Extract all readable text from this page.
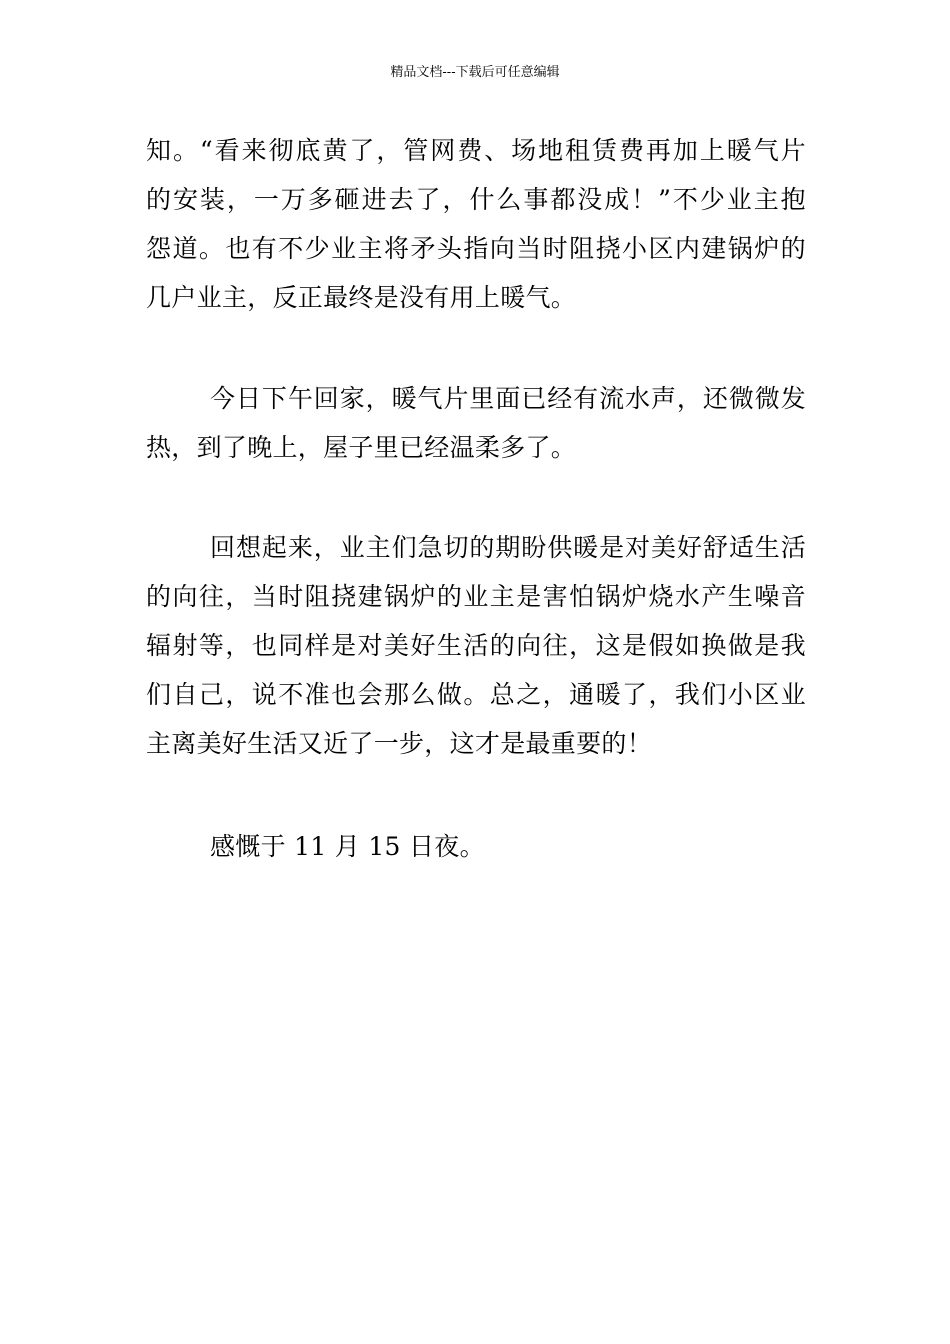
精品文档---下载后可任意编辑
知。“看来彻底黄了，管网费、场地租赁费再加上暖气片
的安装，一万多砸进去了，什么事都没成！”不少业主抱
怨道。也有不少业主将矛头指向当时阻挠小区内建锅炉的
几户业主，反正最终是没有用上暖气。
今日下午回家，暖气片里面已经有流水声，还微微发
热，到了晚上，屋子里已经温柔多了。
回想起来，业主们急切的期盼供暖是对美好舒适生活
的向往，当时阻挠建锅炉的业主是害怕锅炉烧水产生噪音
辐射等，也同样是对美好生活的向往，这是假如换做是我
们自己，说不准也会那么做。总之，通暖了，我们小区业
主离美好生活又近了一步，这才是最重要的！
感慨于 11 月 15 日夜。
